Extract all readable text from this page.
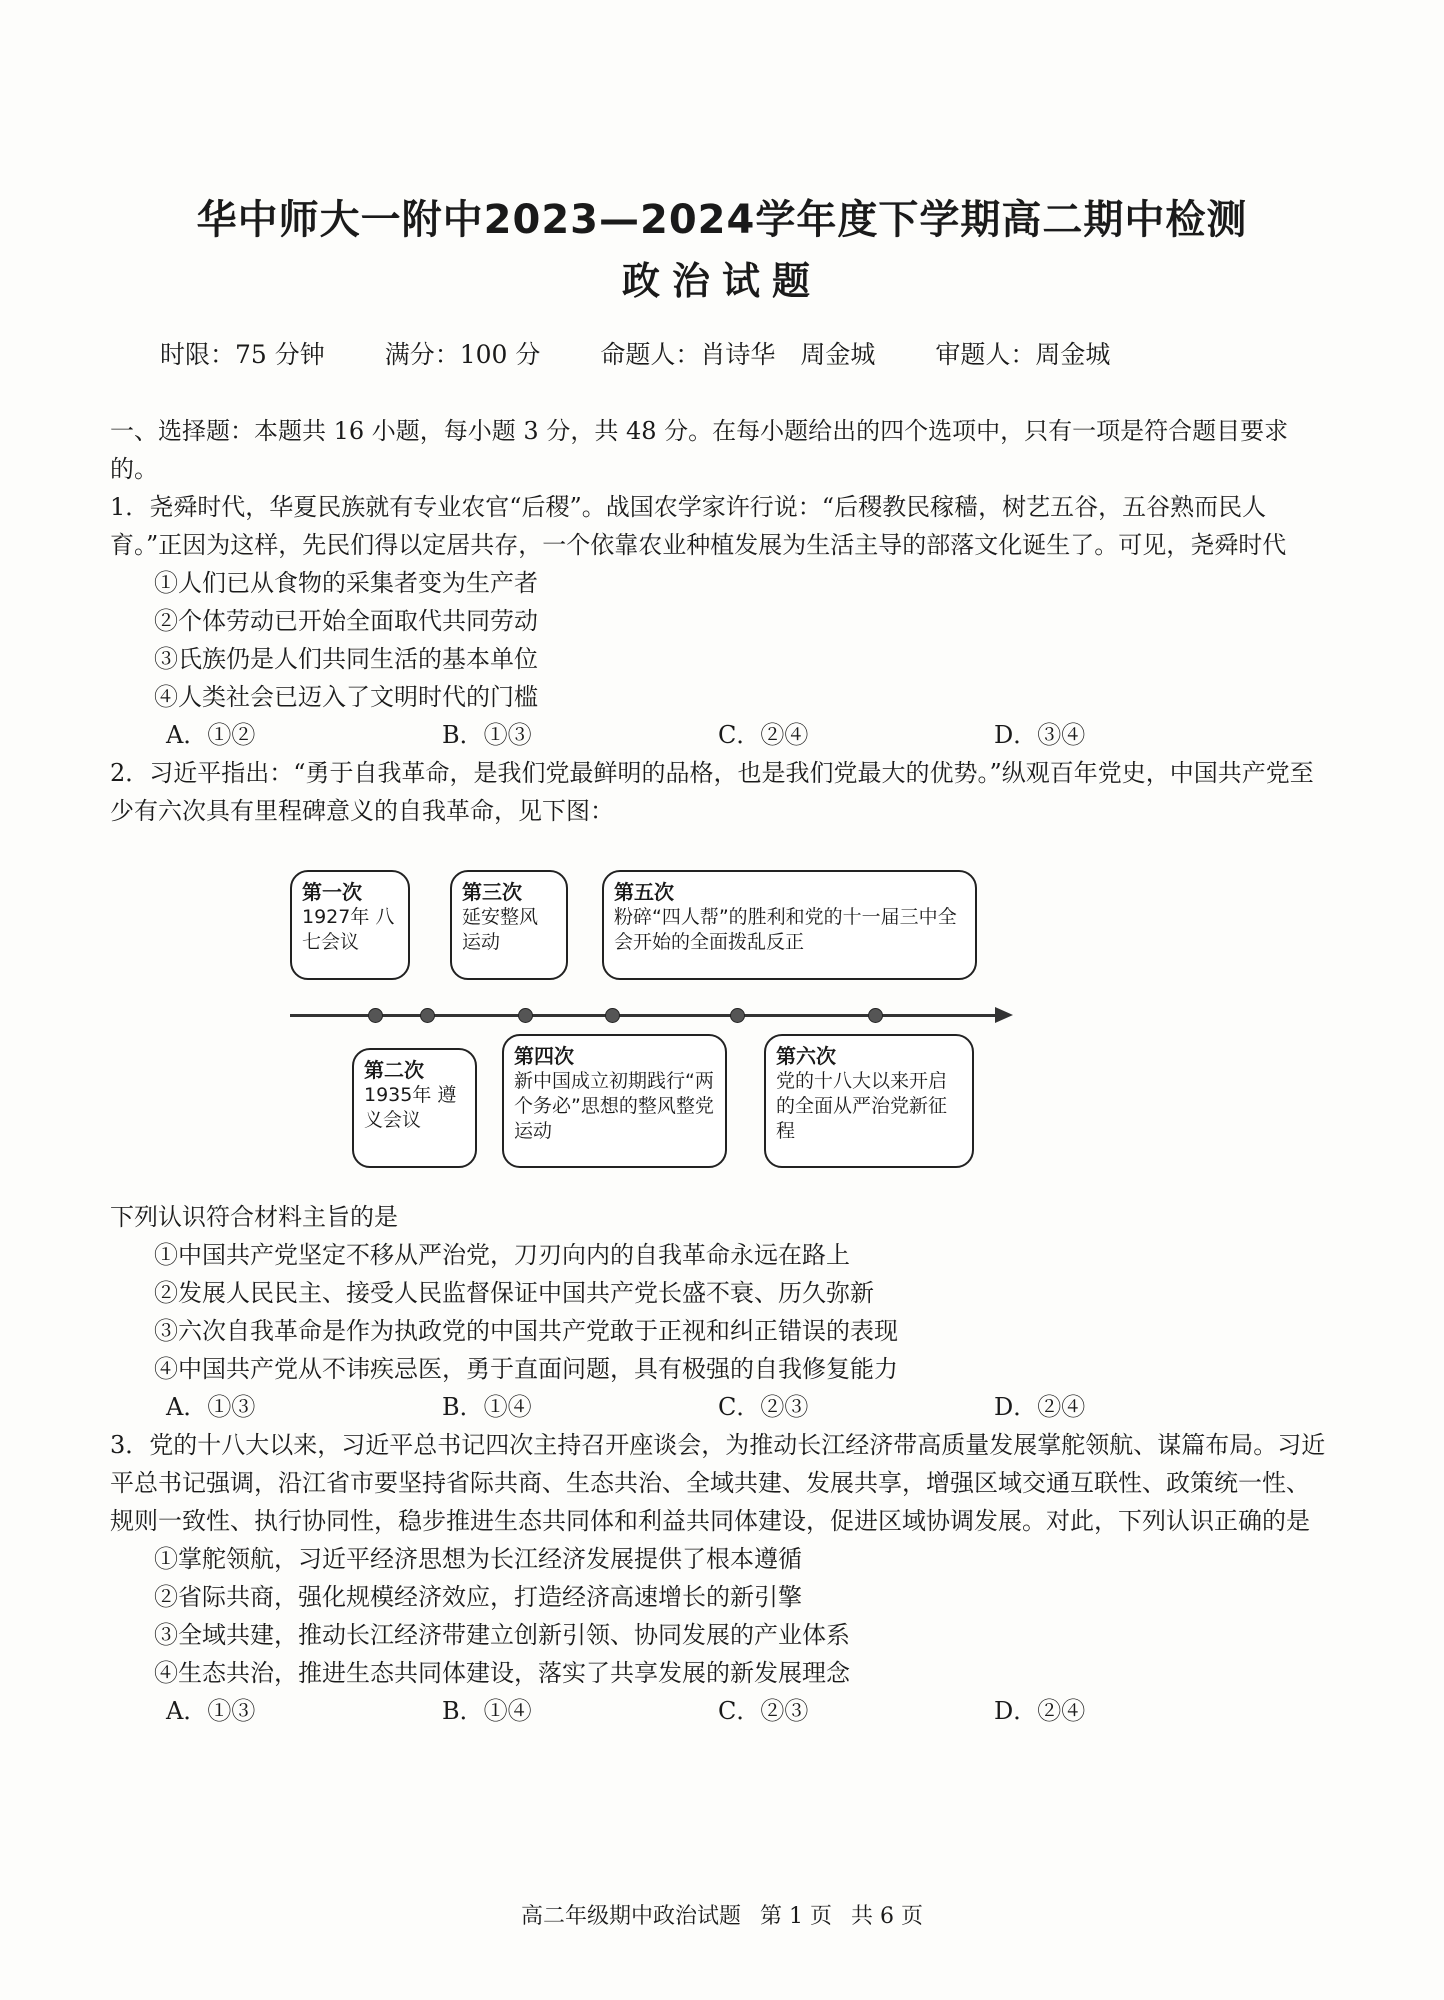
华中师大一附中2023—2024学年度下学期高二期中检测
政治试题
时限：75 分钟 满分：100 分 命题人：肖诗华　周金城 审题人：周金城

一、选择题：本题共 16 小题，每小题 3 分，共 48 分。在每小题给出的四个选项中，只有一项是符合题目要求的。

1．尧舜时代，华夏民族就有专业农官“后稷”。战国农学家许行说：“后稷教民稼穑，树艺五谷，五谷熟而民人育。”正因为这样，先民们得以定居共存，一个依靠农业种植发展为生活主导的部落文化诞生了。可见，尧舜时代

①人们已从食物的采集者变为生产者

②个体劳动已开始全面取代共同劳动

③氏族仍是人们共同生活的基本单位

④人类社会已迈入了文明时代的门槛

A．①②	B．①③	C．②④	D．③④

2．习近平指出：“勇于自我革命，是我们党最鲜明的品格，也是我们党最大的优势。”纵观百年党史，中国共产党至少有六次具有里程碑意义的自我革命，见下图：

第一次
1927年 八七会议
第三次
延安整风 运动
第五次
粉碎“四人帮”的胜利和党的十一届三中全会开始的全面拨乱反正
第二次
1935年 遵义会议
第四次
新中国成立初期践行“两个务必”思想的整风整党运动
第六次
党的十八大以来开启的全面从严治党新征程

下列认识符合材料主旨的是

①中国共产党坚定不移从严治党，刀刃向内的自我革命永远在路上

②发展人民民主、接受人民监督保证中国共产党长盛不衰、历久弥新

③六次自我革命是作为执政党的中国共产党敢于正视和纠正错误的表现

④中国共产党从不讳疾忌医，勇于直面问题，具有极强的自我修复能力

A．①③	B．①④	C．②③	D．②④

3．党的十八大以来，习近平总书记四次主持召开座谈会，为推动长江经济带高质量发展掌舵领航、谋篇布局。习近平总书记强调，沿江省市要坚持省际共商、生态共治、全域共建、发展共享，增强区域交通互联性、政策统一性、规则一致性、执行协同性，稳步推进生态共同体和利益共同体建设，促进区域协调发展。对此，下列认识正确的是

①掌舵领航，习近平经济思想为长江经济发展提供了根本遵循

②省际共商，强化规模经济效应，打造经济高速增长的新引擎

③全域共建，推动长江经济带建立创新引领、协同发展的产业体系

④生态共治，推进生态共同体建设，落实了共享发展的新发展理念

A．①③	B．①④	C．②③	D．②④
高二年级期中政治试题 第 1 页 共 6 页
